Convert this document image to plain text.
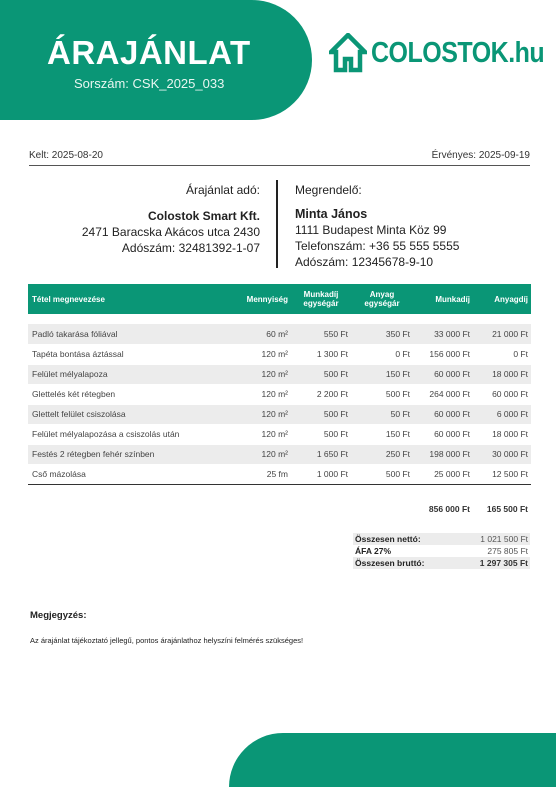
ÁRAJÁNLAT
Sorszám: CSK_2025_033
COLOSTOK.hu
Kelt: 2025-08-20	Érvényes: 2025-09-19
Árajánlat adó:
Colostok Smart Kft.
2471 Baracska Akácos utca 2430
Adószám: 32481392-1-07
Megrendelő:
Minta János
1111 Budapest Minta Köz 99
Telefonszám: +36 55 555 5555
Adószám: 12345678-9-10
Tétel megnevezése	Mennyiség	Munkadíj egységár	Anyag egységár	Munkadíj	Anyagdíj

Padló takarása fóliával	60 m²	550 Ft	350 Ft	33 000 Ft	21 000 Ft
Tapéta bontása áztással	120 m²	1 300 Ft	0 Ft	156 000 Ft	0 Ft
Felület mélyalapoza	120 m²	500 Ft	150 Ft	60 000 Ft	18 000 Ft
Glettelés két rétegben	120 m²	2 200 Ft	500 Ft	264 000 Ft	60 000 Ft
Glettelt felület csiszolása	120 m²	500 Ft	50 Ft	60 000 Ft	6 000 Ft
Felület mélyalapozása a csiszolás után	120 m²	500 Ft	150 Ft	60 000 Ft	18 000 Ft
Festés 2 rétegben fehér színben	120 m²	1 650 Ft	250 Ft	198 000 Ft	30 000 Ft
Cső mázolása	25 fm	1 000 Ft	500 Ft	25 000 Ft	12 500 Ft
				856 000 Ft	165 500 Ft
Összesen nettó:	1 021 500 Ft
ÁFA 27%	275 805 Ft
Összesen bruttó:	1 297 305 Ft
Megjegyzés:
Az árajánlat tájékoztató jellegű, pontos árajánlathoz helyszíni felmérés szükséges!
